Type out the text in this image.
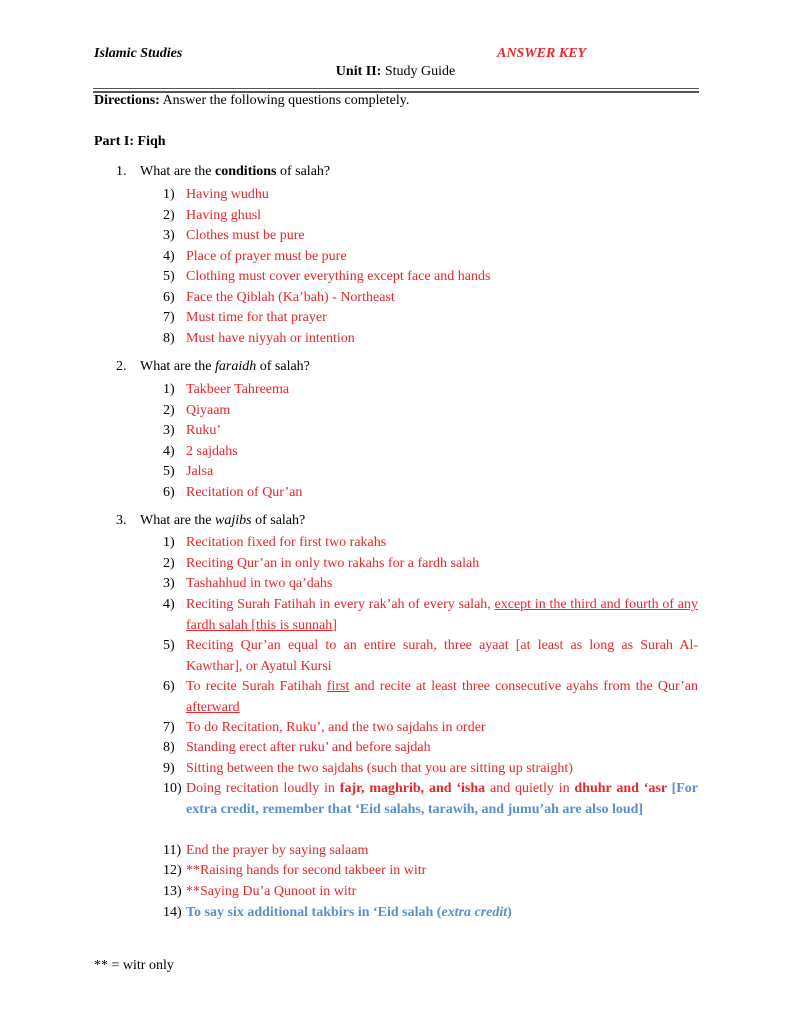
Islamic Studies	ANSWER KEY
Unit II: Study Guide
Directions: Answer the following questions completely.
Part I: Fiqh
1. What are the conditions of salah?
1) Having wudhu
2) Having ghusl
3) Clothes must be pure
4) Place of prayer must be pure
5) Clothing must cover everything except face and hands
6) Face the Qiblah (Ka’bah) - Northeast
7) Must time for that prayer
8) Must have niyyah or intention
2. What are the faraidh of salah?
1) Takbeer Tahreema
2) Qiyaam
3) Ruku’
4) 2 sajdahs
5) Jalsa
6) Recitation of Qur’an
3. What are the wajibs of salah?
1) Recitation fixed for first two rakahs
2) Reciting Qur’an in only two rakahs for a fardh salah
3) Tashahhud in two qa’dahs
4) Reciting Surah Fatihah in every rak’ah of every salah, except in the third and fourth of any fardh salah [this is sunnah]
5) Reciting Qur’an equal to an entire surah, three ayaat [at least as long as Surah Al-Kawthar], or Ayatul Kursi
6) To recite Surah Fatihah first and recite at least three consecutive ayahs from the Qur’an afterward
7) To do Recitation, Ruku’, and the two sajdahs in order
8) Standing erect after ruku’ and before sajdah
9) Sitting between the two sajdahs (such that you are sitting up straight)
10) Doing recitation loudly in fajr, maghrib, and ‘isha and quietly in dhuhr and ‘asr [For extra credit, remember that ‘Eid salahs, tarawih, and jumu’ah are also loud]
11) End the prayer by saying salaam
12) **Raising hands for second takbeer in witr
13) **Saying Du’a Qunoot in witr
14) To say six additional takbirs in ‘Eid salah (extra credit)
** = witr only
